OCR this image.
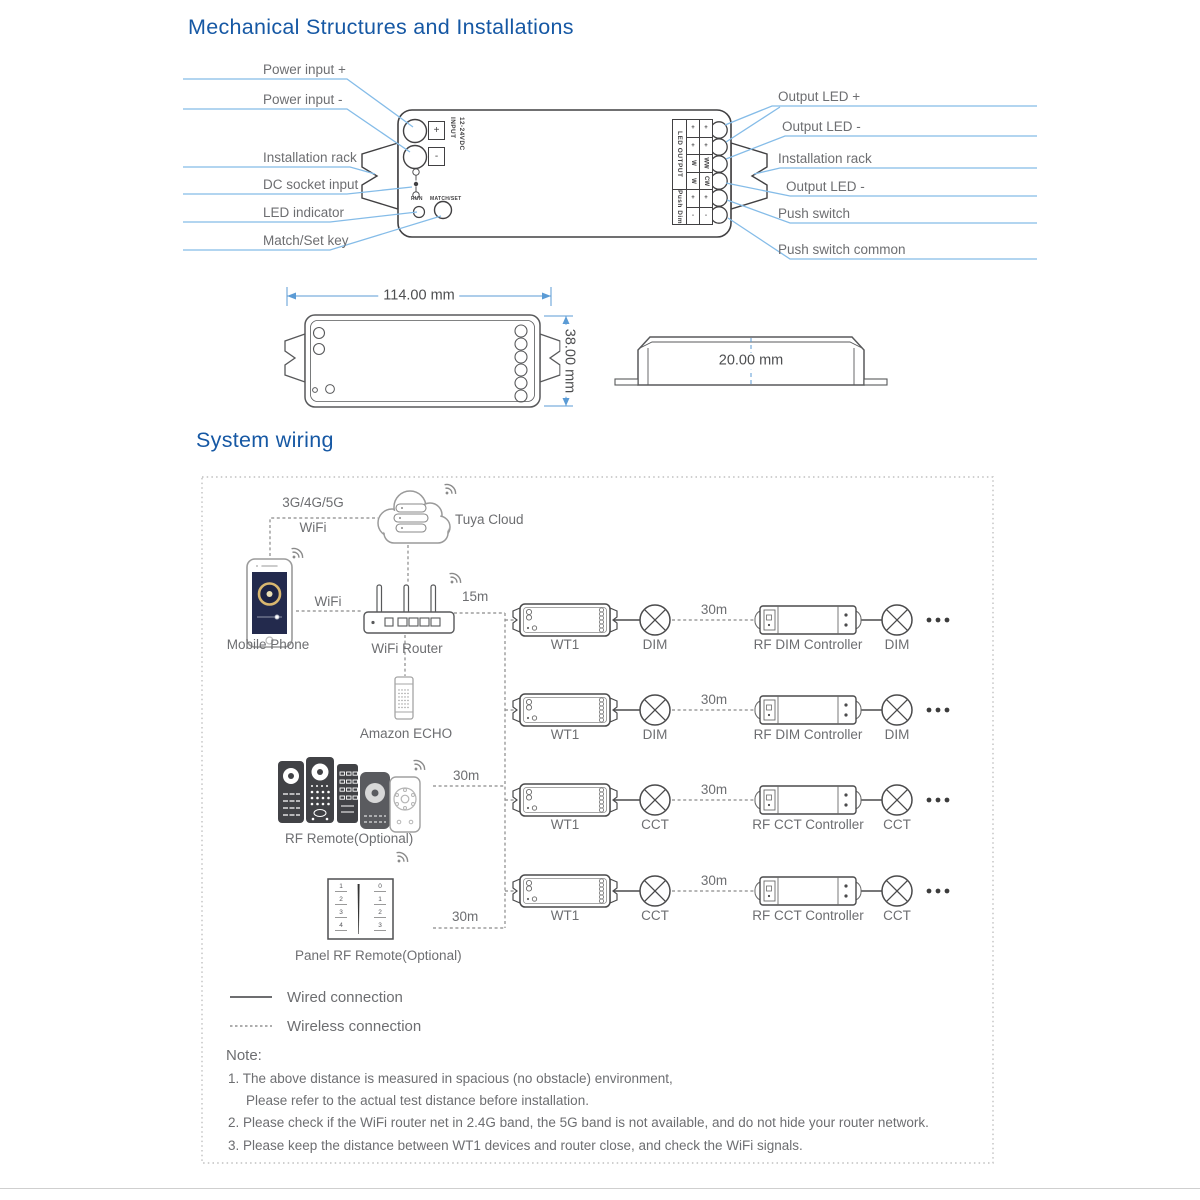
Mechanical Structures and Installations
System wiring
Power input +
Power input -
Installation rack
DC socket input
LED indicator
Match/Set key
Output LED +
Output LED -
Installation rack
Output LED -
Push switch
Push switch common
+
-
INPUT 12-24VDC
RUN MATCH/SET
LED OUTPUT
Push Dim
+	+
+	+
W WW
W CW
+	+
-	-
114.00 mm
38.00 mm	20.00 mm
3G/4G/5G
WiFi
Tuya Cloud
WiFi	15m
Mobile Phone	WiFi Router
Amazon ECHO
RF Remote(Optional)
30m
Panel RF Remote(Optional)
30m
1
2
3
4
0
1
2
3
WT1	DIM
30m
RF DIM Controller DIM
WT1	DIM
30m
RF DIM Controller DIM
WT1	CCT
30m
RF CCT Controller CCT
WT1	CCT
30m
RF CCT Controller CCT
Wired connection
Wireless connection
Note:
1. The above distance is measured in spacious (no obstacle) environment,
Please refer to the actual test distance before installation.
2. Please check if the WiFi router net in 2.4G band, the 5G band is not available, and do not hide your router network.
3. Please keep the distance between WT1 devices and router close, and check the WiFi signals.
